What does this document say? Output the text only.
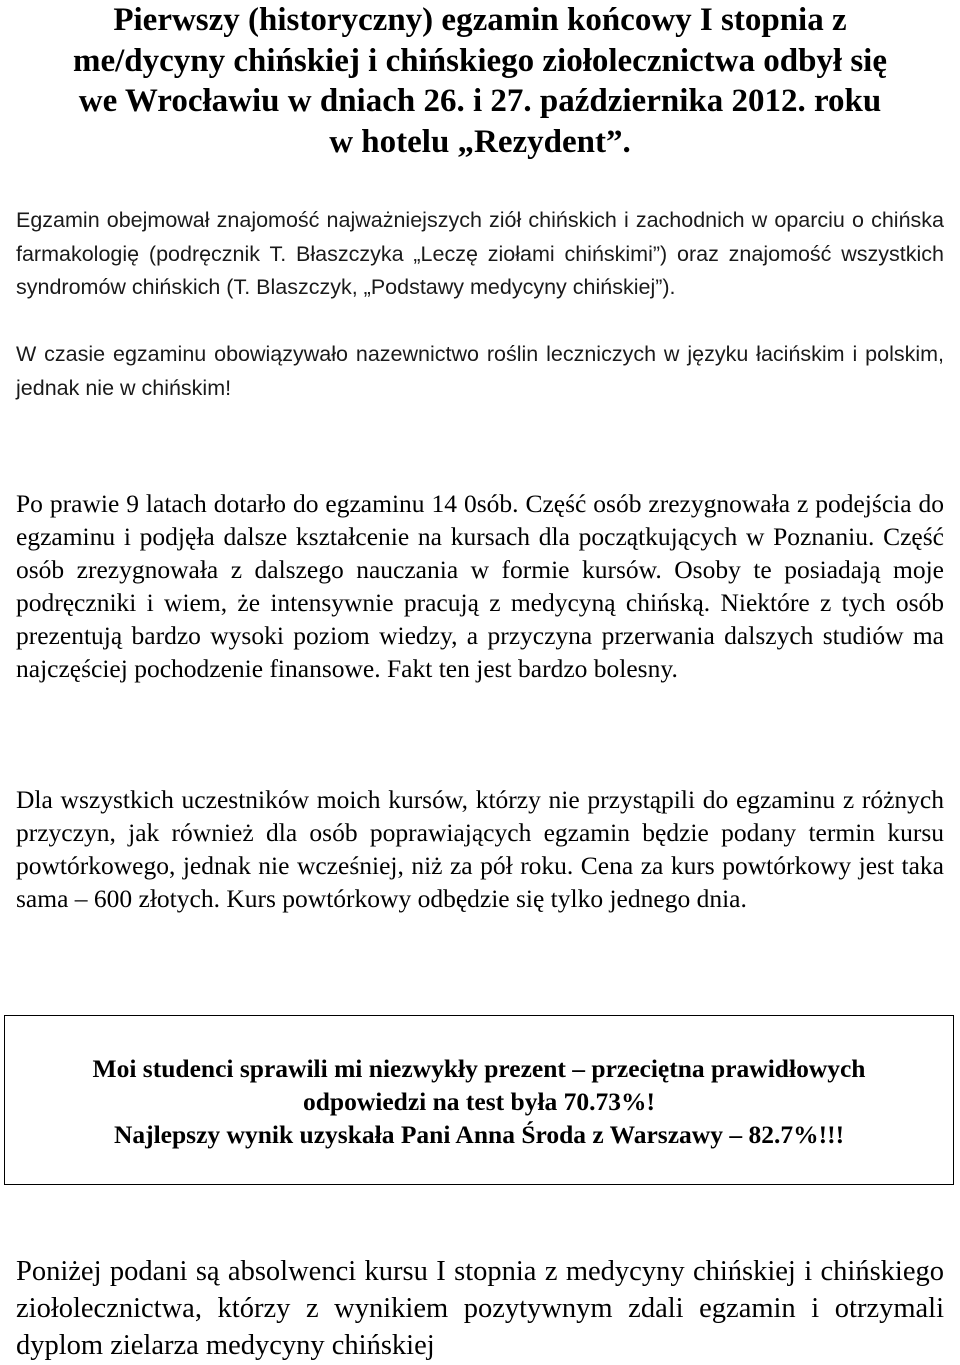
Pierwszy (historyczny) egzamin końcowy I stopnia z
me/dycyny chińskiej i chińskiego ziołolecznictwa odbył się
we Wrocławiu w dniach 26. i 27. października 2012. roku
w hotelu „Rezydent”.

Egzamin obejmował znajomość najważniejszych ziół chińskich i zachodnich w oparciu o chińska farmakologię (podręcznik T. Błaszczyka „Leczę ziołami chińskimi”) oraz znajomość wszystkich syndromów chińskich (T. Blaszczyk, „Podstawy medycyny chińskiej”).

W czasie egzaminu obowiązywało nazewnictwo roślin leczniczych w języku łacińskim i polskim, jednak nie w chińskim!

Po prawie 9 latach dotarło do egzaminu 14 0sób. Część osób zrezygnowała z podejścia do egzaminu i podjęła dalsze kształcenie na kursach dla początkujących w Poznaniu. Część osób zrezygnowała z dalszego nauczania w formie kursów. Osoby te posiadają moje podręczniki i wiem, że intensywnie pracują z medycyną chińską. Niektóre z tych osób prezentują bardzo wysoki poziom wiedzy, a przyczyna przerwania dalszych studiów ma najczęściej pochodzenie finansowe. Fakt ten jest bardzo bolesny.

Dla wszystkich uczestników moich kursów, którzy nie przystąpili do egzaminu z różnych przyczyn, jak również dla osób poprawiających egzamin będzie podany termin kursu powtórkowego, jednak nie wcześniej, niż za pół roku. Cena za kurs powtórkowy jest taka sama – 600 złotych. Kurs powtórkowy odbędzie się tylko jednego dnia.

Moi studenci sprawili mi niezwykły prezent – przeciętna prawidłowych
odpowiedzi na test była 70.73%!
Najlepszy wynik uzyskała Pani Anna Środa z Warszawy – 82.7%!!!

Poniżej podani są absolwenci kursu I stopnia z medycyny chińskiej i chińskiego ziołolecznictwa, którzy z wynikiem pozytywnym zdali egzamin i otrzymali dyplom zielarza medycyny chińskiej
